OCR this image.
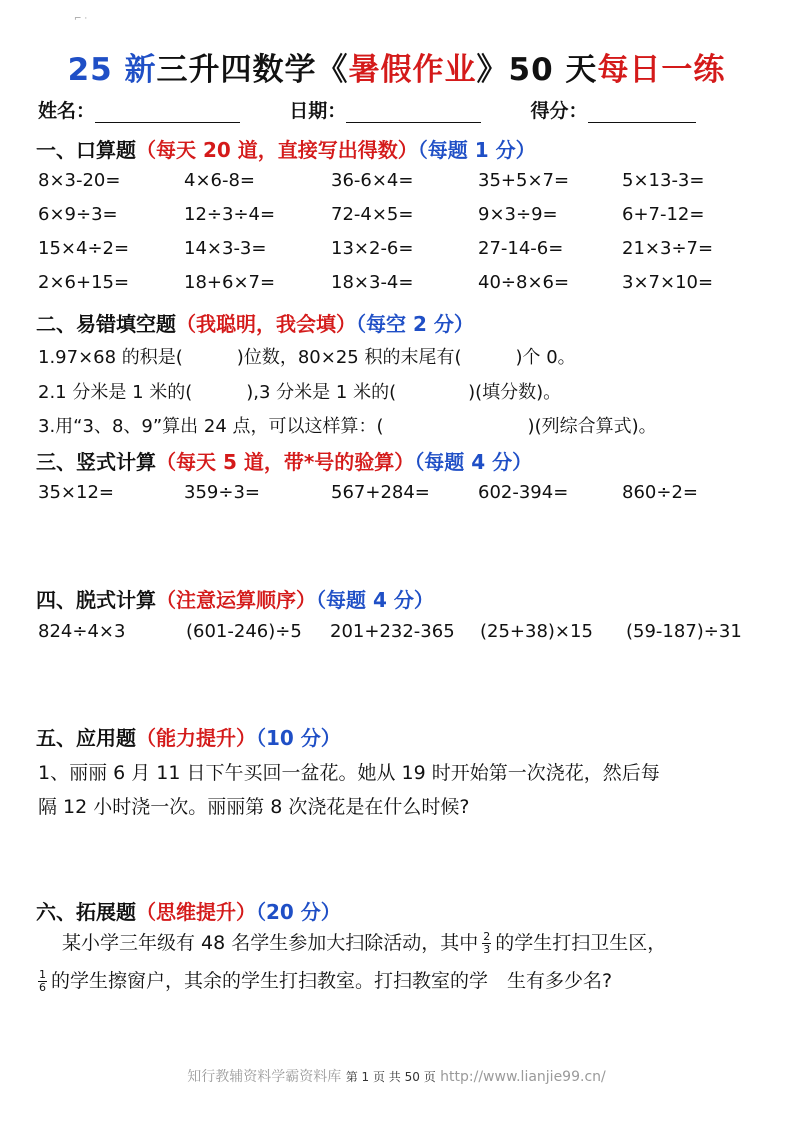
⌐ ·
25 新三升四数学《暑假作业》50 天每日一练
姓名：	日期：	得分：
一、口算题（每天 20 道，直接写出得数）（每题 1 分）
8×3-20=	4×6-8=	36-6×4=	35+5×7=	5×13-3=
6×9÷3=	12÷3÷4=	72-4×5=	9×3÷9=	6+7-12=
15×4÷2=	14×3-3=	13×2-6=	27-14-6=	21×3÷7=
2×6+15=	18+6×7=	18×3-4=	40÷8×6=	3×7×10=
二、易错填空题（我聪明，我会填）（每空 2 分）
1.97×68 的积是(　　　)位数，80×25 积的末尾有(　　　)个 0。
2.1 分米是 1 米的(　　　),3 分米是 1 米的(　　　　)(填分数)。
3.用“3、8、9”算出 24 点，可以这样算：(　　　　　　　　)(列综合算式)。
三、竖式计算（每天 5 道，带*号的验算）（每题 4 分）
35×12=	359÷3=	567+284=	602-394=	860÷2=
四、脱式计算（注意运算顺序）（每题 4 分）
824÷4×3	(601-246)÷5 201+232-365 (25+38)×15 (59-187)÷31
五、应用题（能力提升）（10 分）
1、丽丽 6 月 11 日下午买回一盆花。她从 19 时开始第一次浇花，然后每
隔 12 小时浇一次。丽丽第 8 次浇花是在什么时候?
六、拓展题（思维提升）（20 分）
某小学三年级有 48 名学生参加大扫除活动，其中 $\frac{2}{3}$ 的学生打扫卫生区，
$\frac{1}{6}$ 的学生擦窗户，其余的学生打扫教室。打扫教室的学　生有多少名?
知行教辅资料学霸资料库 第 1 页 共 50 页 http://www.lianjie99.cn/
